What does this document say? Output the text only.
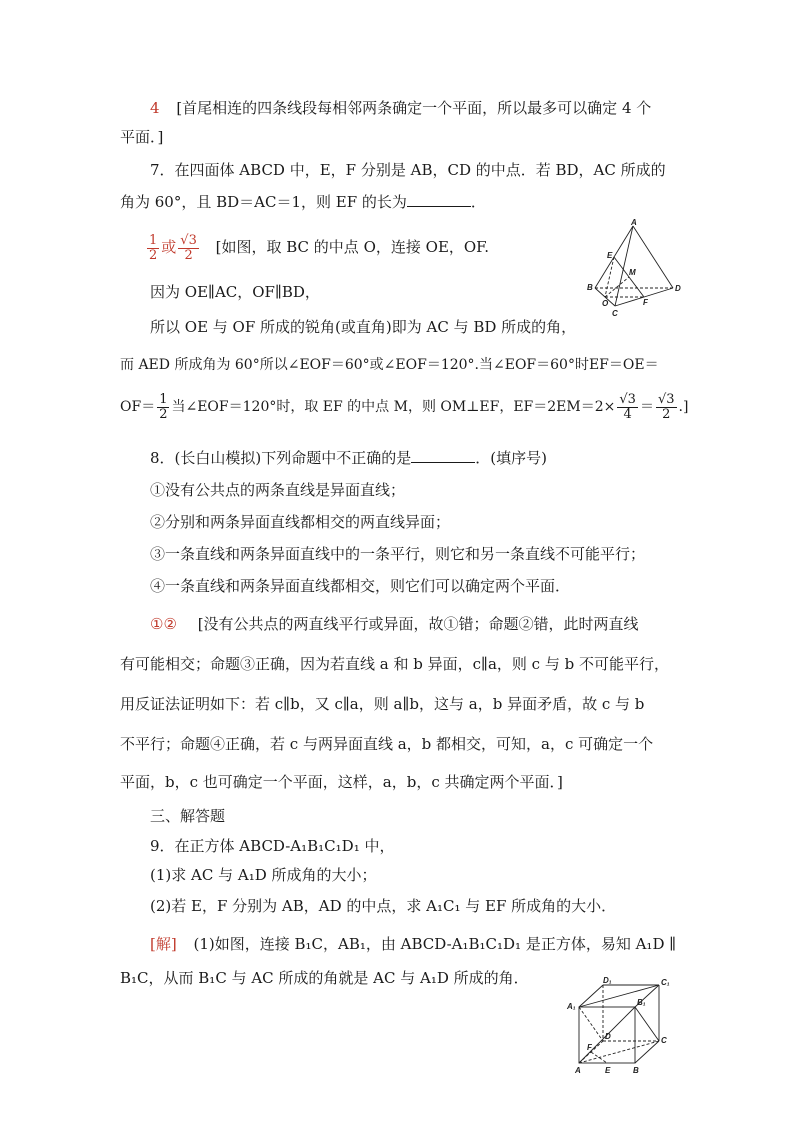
4 [首尾相连的四条线段每相邻两条确定一个平面，所以最多可以确定 4 个
平面．]
7．在四面体 ABCD 中，E，F 分别是 AB，CD 的中点．若 BD，AC 所成的
角为 60°，且 BD＝AC＝1，则 EF 的长为	．
$\frac{1}{2}$ 或 $\frac{√3}{2}$ [如图，取 BC 的中点 O，连接 OE，OF.
因为 OE∥AC，OF∥BD，
所以 OE 与 OF 所成的锐角(或直角)即为 AC 与 BD 所成的角，
而 AED 所成角为 60°所以∠EOF＝60°或∠EOF＝120°.当∠EOF＝60°时EF＝OE＝
$OF= \frac{1}{2}$ 当∠EOF＝120°时，取 EF 的中点 M，则 OM⊥EF，$EF=2EM=2\times \frac{√3}{4} = \frac{√3}{2}$ .]
A
E
M
B
O
C
F
D
8．(长白山模拟)下列命题中不正确的是	．(填序号)
①没有公共点的两条直线是异面直线；
②分别和两条异面直线都相交的两直线异面；
③一条直线和两条异面直线中的一条平行，则它和另一条直线不可能平行；
④一条直线和两条异面直线都相交，则它们可以确定两个平面．
①② [没有公共点的两直线平行或异面，故①错；命题②错，此时两直线
有可能相交；命题③正确，因为若直线 a 和 b 异面，c∥a，则 c 与 b 不可能平行，
用反证法证明如下：若 c∥b，又 c∥a，则 a∥b，这与 a，b 异面矛盾，故 c 与 b
不平行；命题④正确，若 c 与两异面直线 a，b 都相交，可知，a，c 可确定一个
平面，b，c 也可确定一个平面，这样，a，b，c 共确定两个平面．]
三、解答题
9．在正方体 ABCD-A₁B₁C₁D₁ 中，
(1)求 AC 与 A₁D 所成角的大小；
(2)若 E，F 分别为 AB，AD 的中点，求 A₁C₁ 与 EF 所成角的大小．
[解] (1)如图，连接 B₁C，AB₁，由 ABCD-A₁B₁C₁D₁ 是正方体，易知 A₁D ∥
B₁C，从而 B₁C 与 AC 所成的角就是 AC 与 A₁D 所成的角．	D₁	C₁
A₁	B₁
D
F
C
A	E	B
